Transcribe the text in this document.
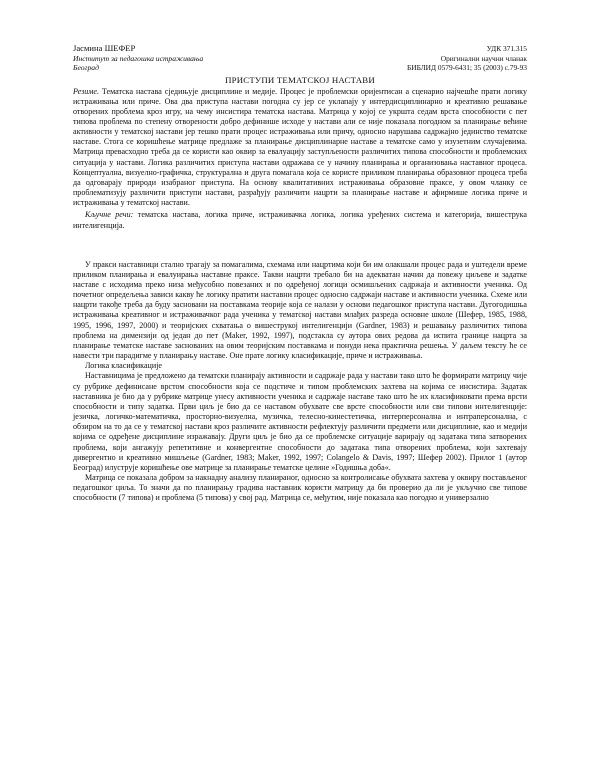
Јасмина ШЕФЕР
Институт за педагошка истраживања
Београд
УДК 371.315
Оригинални научни чланак
БИБЛИД 0579-6431; 35 (2003) с.79-93
ПРИСТУПИ ТЕМАТСКОЈ НАСТАВИ

Резиме. Тематска настава сједињује дисциплине и медије. Процес је проблемски оријентисан а сценарио најчешће прати логику истраживања или приче. Ова два приступа настави погодна су јер се уклапају у интердисциплинарно и креативно решавање отворених проблема кроз игру, на чему инсистира тематска настава. Матрица у којој се укршта седам врста способности с пет типова проблема по степену отворености добро дефинише исходе у настави али се није показала погодном за планирање већине активности у тематској настави јер тешко прати процес истраживања или причу, односно нарушава садржајно јединство тематске наставе. Стога се коришћење матрице предлаже за планирање дисциплинарне наставе а тематске само у изузетним случајевима. Матрица превасходно треба да се користи као оквир за евалуацију заступљености различитих типова способности и проблемских ситуација у настави. Логика различитих приступа настави одражава се у начину планирања и организовања наставног процеса. Концептуална, визуелно-графичка, структурална и друга помагала која се користе приликом планирања образовног процеса треба да одговарају природи изабраног приступа. На основу квалитативних истраживања образовне праксе, у овом чланку се проблематизују различити приступи настави, разрађују различити нацрти за планирање наставе и афирмише логика приче и истраживања у тематској настави.

Кључне речи: тематска настава, логика приче, истраживачка логика, логика уређених система и категорија, вишеструка интелигенција.

У пракси наставници стално трагају за помагалима, схемама или нацртима који би им олакшали процес рада и уштедели време приликом планирања и евалуирања наставне праксе. Такви нацрти требало би на адекватан начин да повежу циљеве и задатке наставе с исходима преко низа међусобно повезаних и по одређеној логици осмишљених садржаја и активности ученика. Од почетног опредељења зависи какву ће логику пратити наставни процес односно садржаји наставе и активности ученика. Схеме или нацрти такође треба да буду засновани на поставкама теорије која се налази у основи педагошког приступа настави. Дугогодишња истраживања креативног и истраживачког рада ученика у тематској настави млађих разреда основне школе (Шефер, 1985, 1988, 1995, 1996, 1997, 2000) и теоријских схватања о вишеструкој интелигенцији (Gardner, 1983) и решавању различитих типова проблема на димензији од један до пет (Maker, 1992, 1997), подстакла су аутора ових редова да испита границе нацрта за планирање тематске наставе заснованих на овим теоријским поставкама и понуди нека практична решења. У даљем тексту ће се навести три парадигме у планирању наставе. Оне прате логику класификације, приче и истраживања.

Логика класификације

Наставницима је предложено да тематски планирају активности и садржаје рада у настави тако што ће формирати матрицу чије су рубрике дефинисане врстом способности која се подстиче и типом проблемских захтева на којима се инсистира. Задатак наставника је био да у рубрике матрице унесу активности ученика и садржаје наставе тако што ће их класификовати према врсти способности и типу задатка. Први циљ је био да се наставом обухвате све врсте способности или сви типови интелигенције: језичка, логичко-математичка, просторно-визуелна, музичка, телесно-кинестетичка, интерперсонална и интраперсонална, с обзиром на то да се у тематској настави кроз различите активности рефлектују различити предмети или дисциплине, као и медији којима се одређене дисциплине изражавају. Други циљ је био да се проблемске ситуације варирају од задатака типа затворених проблема, који ангажују репетитивне и конвергентне способности до задатака типа отворених проблема, који захтевају дивергентно и креативно мишљење (Gardner, 1983; Maker, 1992, 1997; Colangelo & Davis, 1997; Шефер 2002). Прилог 1 (аутор Београд) илуструје коришћење ове матрице за планирање тематске целине »Годишња доба«.

Матрица се показала добром за накнадну анализу планираног, односно за контролисање обухвата захтева у оквиру постављеног педагошког циља. То значи да по планирању градива наставник користи матрицу да би проверио да ли је укључио све типове способности (7 типова) и проблема (5 типова) у свој рад. Матрица се, међутим, није показала као погодно и универзално
